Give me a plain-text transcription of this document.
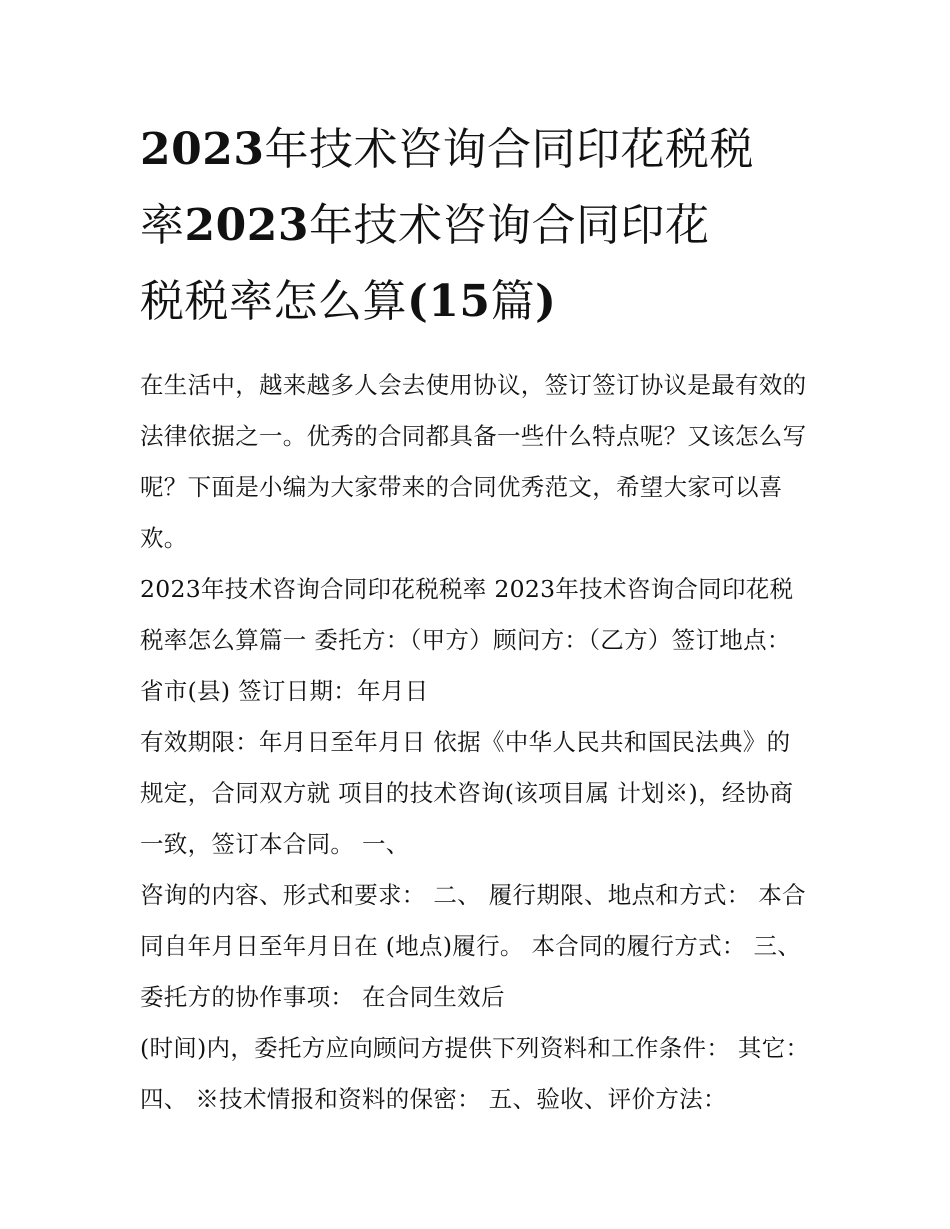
2023年技术咨询合同印花税税
率2023年技术咨询合同印花
税税率怎么算(15篇)

在生活中，越来越多人会去使用协议，签订签订协议是最有效的法律依据之一。优秀的合同都具备一些什么特点呢？又该怎么写呢？下面是小编为大家带来的合同优秀范文，希望大家可以喜欢。

2023年技术咨询合同印花税税率 2023年技术咨询合同印花税税率怎么算篇一 委托方：（甲方）顾问方：（乙方）签订地点：省市(县) 签订日期：年月日

有效期限：年月日至年月日 依据《中华人民共和国民法典》的规定，合同双方就 项目的技术咨询(该项目属 计划※)，经协商一致，签订本合同。 一、

咨询的内容、形式和要求： 二、 履行期限、地点和方式： 本合同自年月日至年月日在 (地点)履行。 本合同的履行方式： 三、 委托方的协作事项： 在合同生效后

(时间)内，委托方应向顾问方提供下列资料和工作条件： 其它： 四、 ※技术情报和资料的保密： 五、验收、评价方法：
